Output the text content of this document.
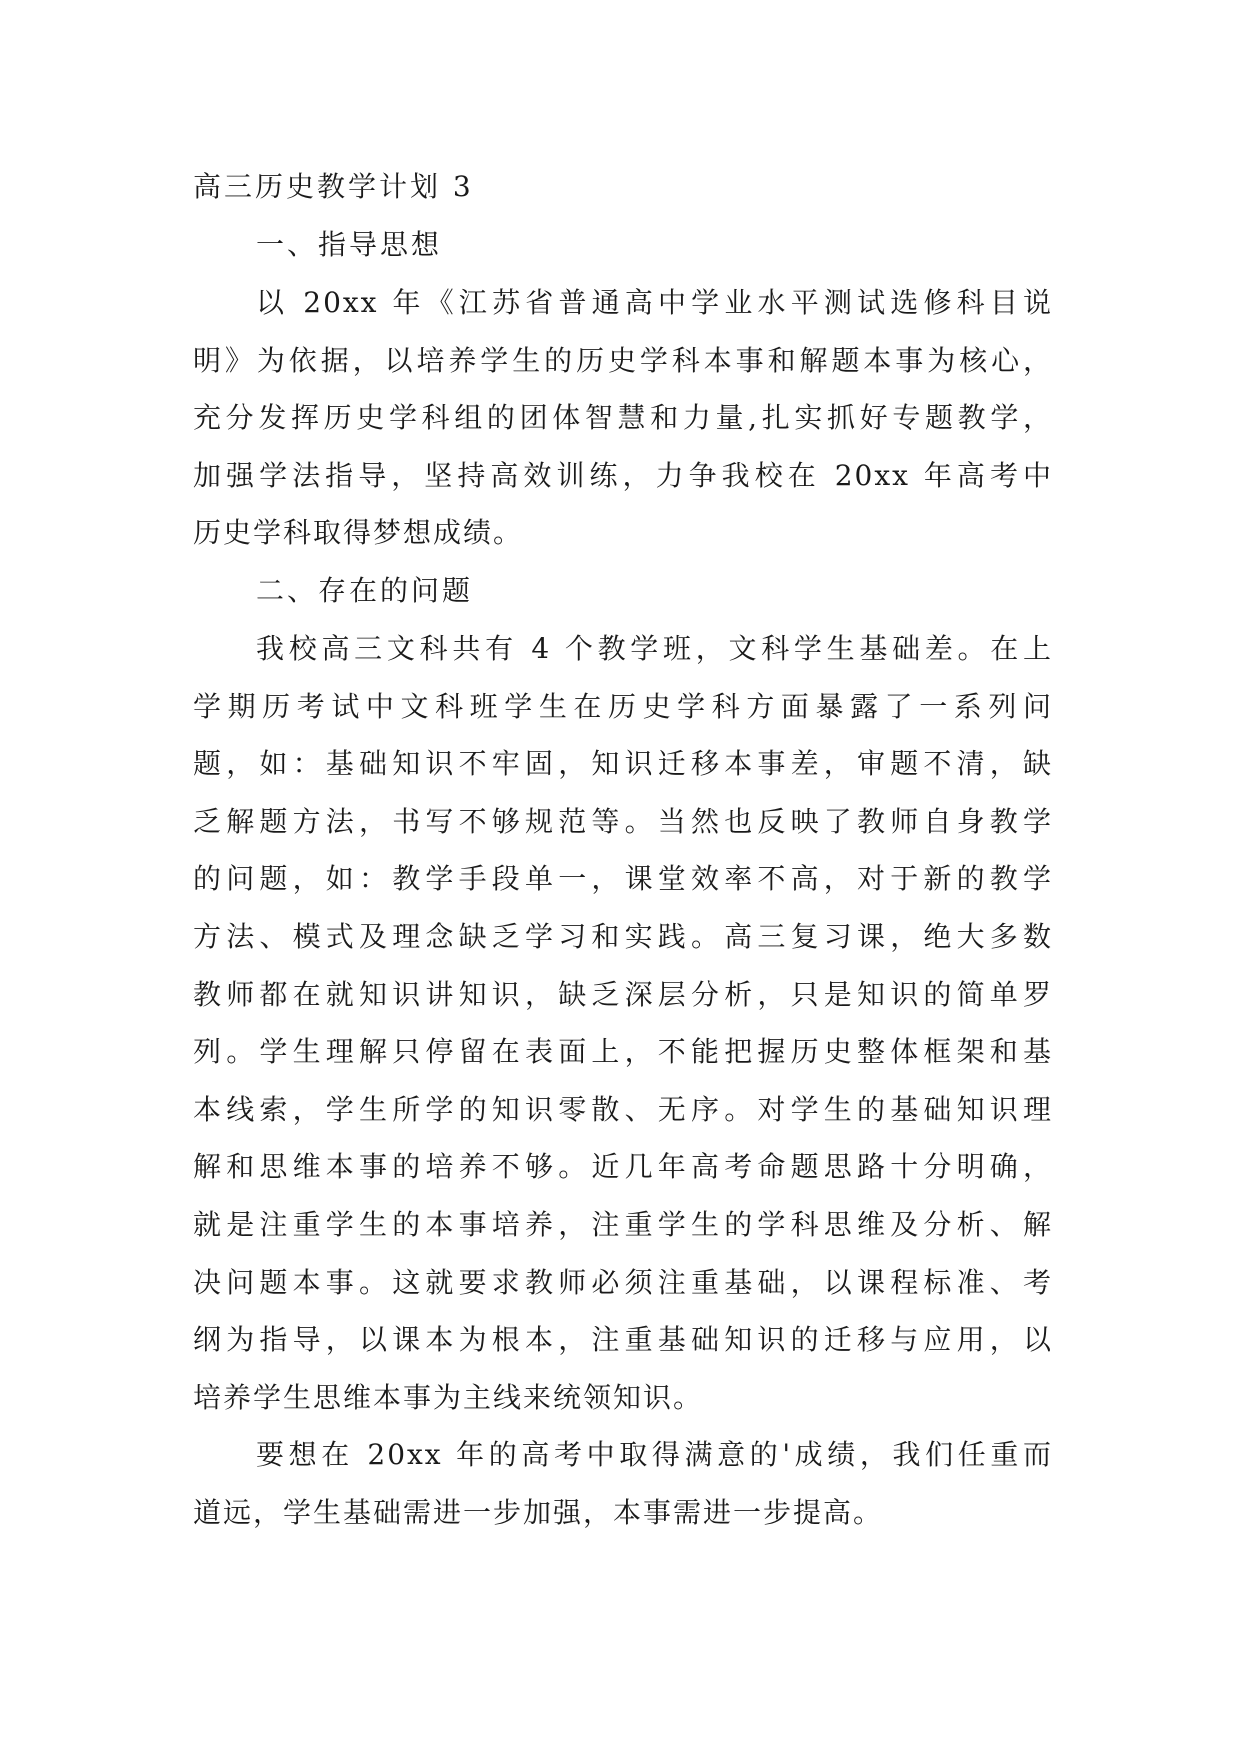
高三历史教学计划 3

一、指导思想

以 20xx 年《江苏省普通高中学业水平测试选修科目说
明》为依据，以培养学生的历史学科本事和解题本事为核心，
充分发挥历史学科组的团体智慧和力量,扎实抓好专题教学，
加强学法指导，坚持高效训练，力争我校在 20xx 年高考中
历史学科取得梦想成绩。

二、存在的问题

我校高三文科共有 4 个教学班，文科学生基础差。在上
学期历考试中文科班学生在历史学科方面暴露了一系列问
题，如：基础知识不牢固，知识迁移本事差，审题不清，缺
乏解题方法，书写不够规范等。当然也反映了教师自身教学
的问题，如：教学手段单一，课堂效率不高，对于新的教学
方法、模式及理念缺乏学习和实践。高三复习课，绝大多数
教师都在就知识讲知识，缺乏深层分析，只是知识的简单罗
列。学生理解只停留在表面上，不能把握历史整体框架和基
本线索，学生所学的知识零散、无序。对学生的基础知识理
解和思维本事的培养不够。近几年高考命题思路十分明确，
就是注重学生的本事培养，注重学生的学科思维及分析、解
决问题本事。这就要求教师必须注重基础，以课程标准、考
纲为指导，以课本为根本，注重基础知识的迁移与应用，以
培养学生思维本事为主线来统领知识。

要想在 20xx 年的高考中取得满意的'成绩，我们任重而
道远，学生基础需进一步加强，本事需进一步提高。
